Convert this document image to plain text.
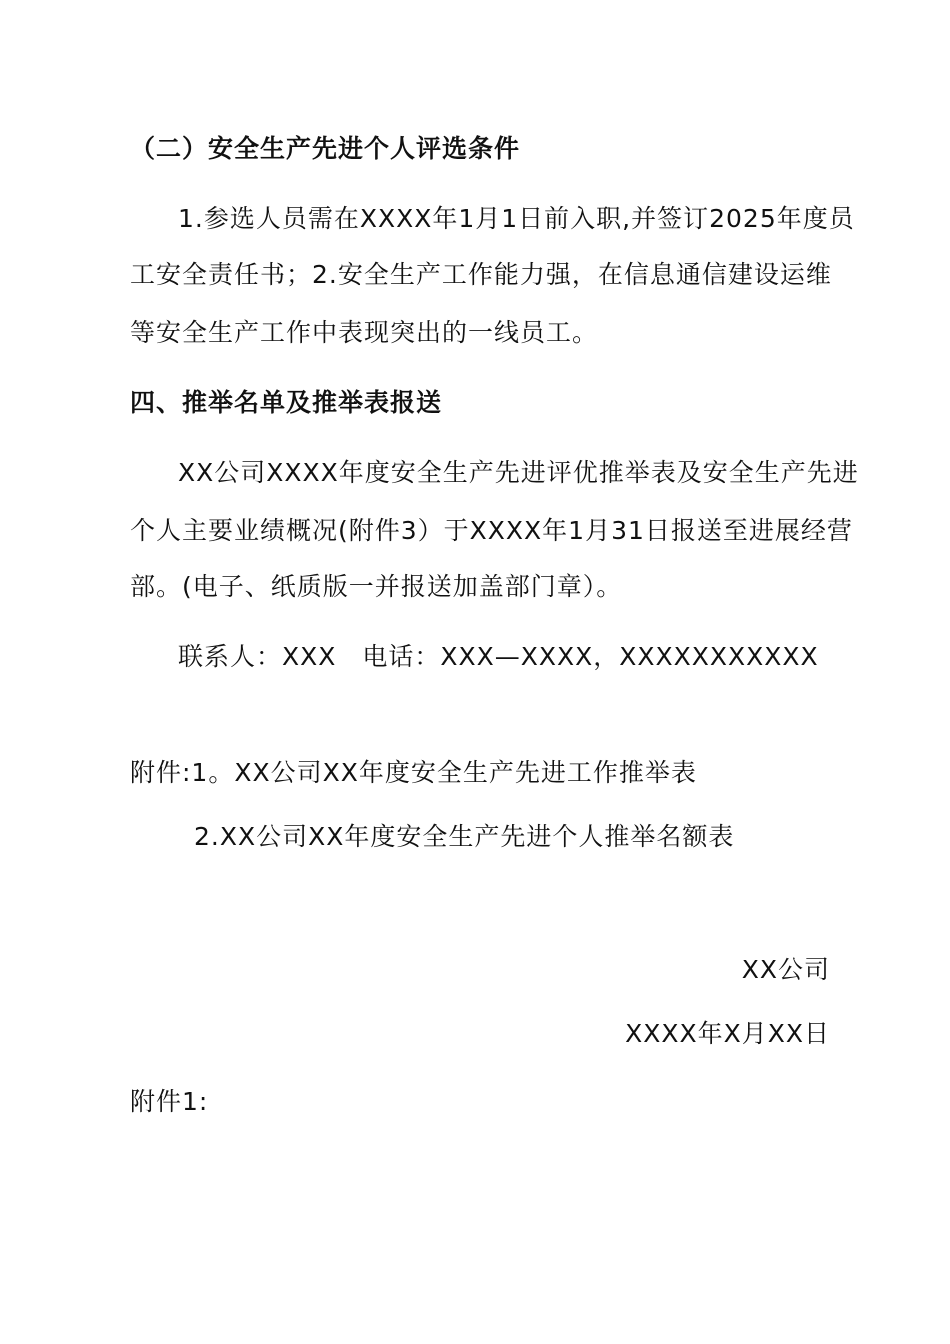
（二）安全生产先进个人评选条件
1.参选人员需在XXXX年1月1日前入职,并签订2025年度员
工安全责任书；2.安全生产工作能力强，在信息通信建设运维
等安全生产工作中表现突出的一线员工。
四、推举名单及推举表报送
XX公司XXXX年度安全生产先进评优推举表及安全生产先进
个人主要业绩概况(附件3）于XXXX年1月31日报送至进展经营
部。(电子、纸质版一并报送加盖部门章）。
联系人：XXX　电话：XXX—XXXX，XXXXXXXXXXX
附件:1。XX公司XX年度安全生产先进工作推举表
2.XX公司XX年度安全生产先进个人推举名额表
XX公司
XXXX年X月XX日
附件1:
